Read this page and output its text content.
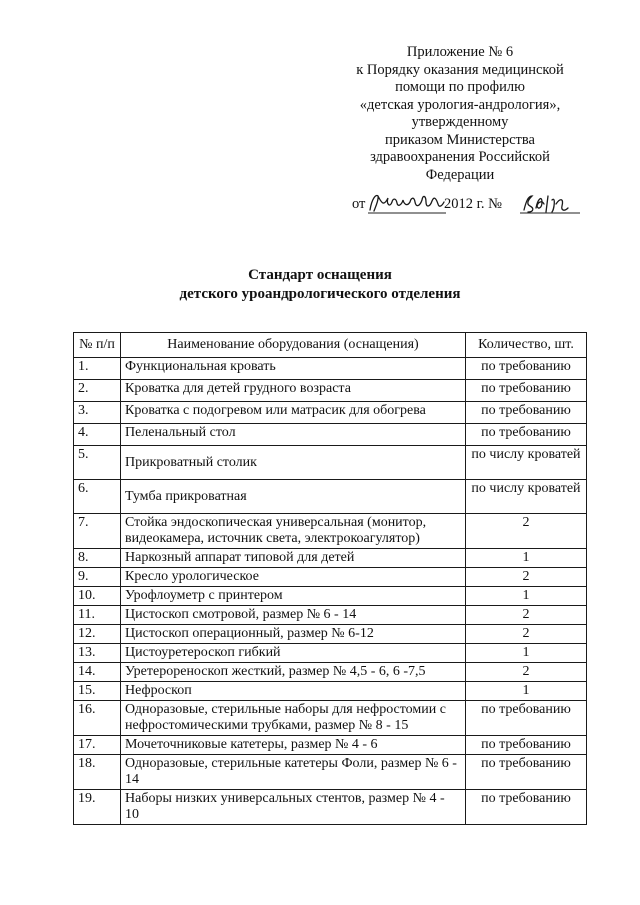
Приложение № 6
к Порядку оказания медицинской
помощи по профилю
«детская урология-андрология»,
утвержденному
приказом Министерства
здравоохранения Российской
Федерации
от	2012 г. №
Стандарт оснащения
детского уроандрологического отделения
№ п/п	Наименование оборудования (оснащения)	Количество, шт.
1.	Функциональная кровать	по требованию
2.	Кроватка для детей грудного возраста	по требованию
3.	Кроватка с подогревом или матрасик для обогрева	по требованию
4.	Пеленальный стол	по требованию
5.	Прикроватный столик	по числу кроватей
6.	Тумба прикроватная	по числу кроватей
7.	Стойка эндоскопическая универсальная (монитор, видеокамера, источник света, электрокоагулятор)	2
8.	Наркозный аппарат типовой для детей	1
9.	Кресло урологическое	2
10.	Урофлоуметр с принтером	1
11.	Цистоскоп смотровой, размер № 6 - 14	2
12.	Цистоскоп операционный, размер № 6-12	2
13.	Цистоуретероскоп гибкий	1
14.	Уретерореноскоп жесткий, размер № 4,5 - 6, 6 -7,5	2
15.	Нефроскоп	1
16.	Одноразовые, стерильные наборы для нефростомии с нефростомическими трубками, размер № 8 - 15	по требованию
17.	Мочеточниковые катетеры, размер № 4 - 6	по требованию
18.	Одноразовые, стерильные катетеры Фоли, размер № 6 - 14	по требованию
19.	Наборы низких универсальных стентов, размер № 4 - 10	по требованию
